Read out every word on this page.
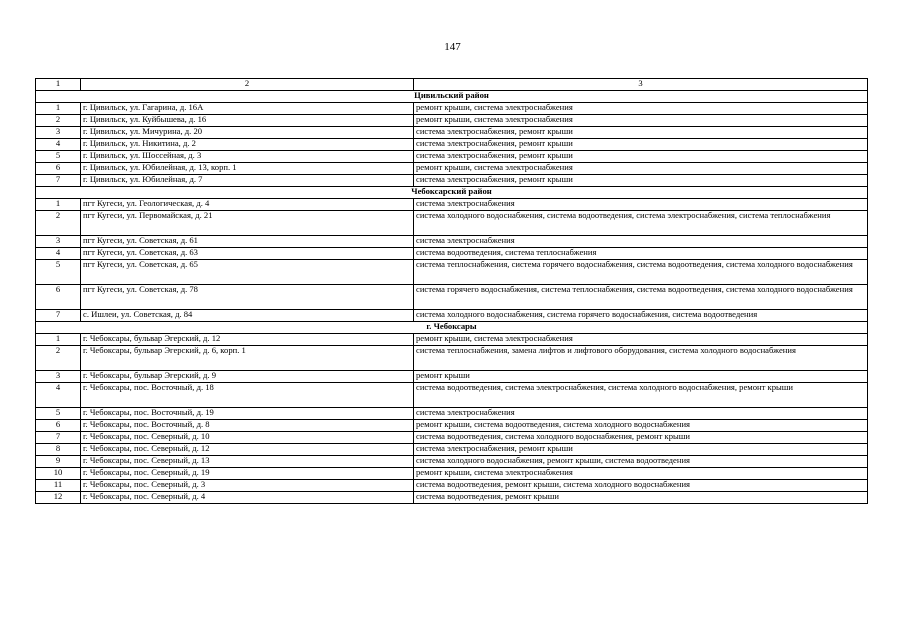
147
1	2	3
Цивильский район		
1	г. Цивильск, ул. Гагарина, д. 16А	ремонт крыши, система электроснабжения
2	г. Цивильск, ул. Куйбышева, д. 16	ремонт крыши, система электроснабжения
3	г. Цивильск, ул. Мичурина, д. 20	система электроснабжения, ремонт крыши
4	г. Цивильск, ул. Никитина, д. 2	система электроснабжения, ремонт крыши
5	г. Цивильск, ул. Шоссейная, д. 3	система электроснабжения, ремонт крыши
6	г. Цивильск, ул. Юбилейная, д. 13, корп. 1	ремонт крыши, система электроснабжения
7	г. Цивильск, ул. Юбилейная, д. 7	система электроснабжения, ремонт крыши
Чебоксарский район		
1	пгт Кугеси, ул. Геологическая, д. 4	система электроснабжения
2	пгт Кугеси, ул. Первомайская, д. 21	система холодного водоснабжения, система водоотведения, система электроснабжения, система теплоснабжения
3	пгт Кугеси, ул. Советская, д. 61	система электроснабжения
4	пгт Кугеси, ул. Советская, д. 63	система водоотведения, система теплоснабжения
5	пгт Кугеси, ул. Советская, д. 65	система теплоснабжения, система горячего водоснабжения, система водоотведения, система холодного водоснабжения
6	пгт Кугеси, ул. Советская, д. 78	система горячего водоснабжения, система теплоснабжения, система водоотведения, система холодного водоснабжения
7	с. Ишлеи, ул. Советская, д. 84	система холодного водоснабжения, система горячего водоснабжения, система водоотведения
г. Чебоксары		
1	г. Чебоксары, бульвар Эгерский, д. 12	ремонт крыши, система электроснабжения
2	г. Чебоксары, бульвар Эгерский, д. 6, корп. 1	система теплоснабжения, замена лифтов и лифтового оборудования, система холодного водоснабжения
3	г. Чебоксары, бульвар Эгерский, д. 9	ремонт крыши
4	г. Чебоксары, пос. Восточный, д. 18	система водоотведения, система электроснабжения, система холодного водоснабжения, ремонт крыши
5	г. Чебоксары, пос. Восточный, д. 19	система электроснабжения
6	г. Чебоксары, пос. Восточный, д. 8	ремонт крыши, система водоотведения, система холодного водоснабжения
7	г. Чебоксары, пос. Северный, д. 10	система водоотведения, система холодного водоснабжения, ремонт крыши
8	г. Чебоксары, пос. Северный, д. 12	система электроснабжения, ремонт крыши
9	г. Чебоксары, пос. Северный, д. 13	система холодного водоснабжения, ремонт крыши, система водоотведения
10	г. Чебоксары, пос. Северный, д. 19	ремонт крыши, система электроснабжения
11	г. Чебоксары, пос. Северный, д. 3	система водоотведения, ремонт крыши, система холодного водоснабжения
12	г. Чебоксары, пос. Северный, д. 4	система водоотведения, ремонт крыши
